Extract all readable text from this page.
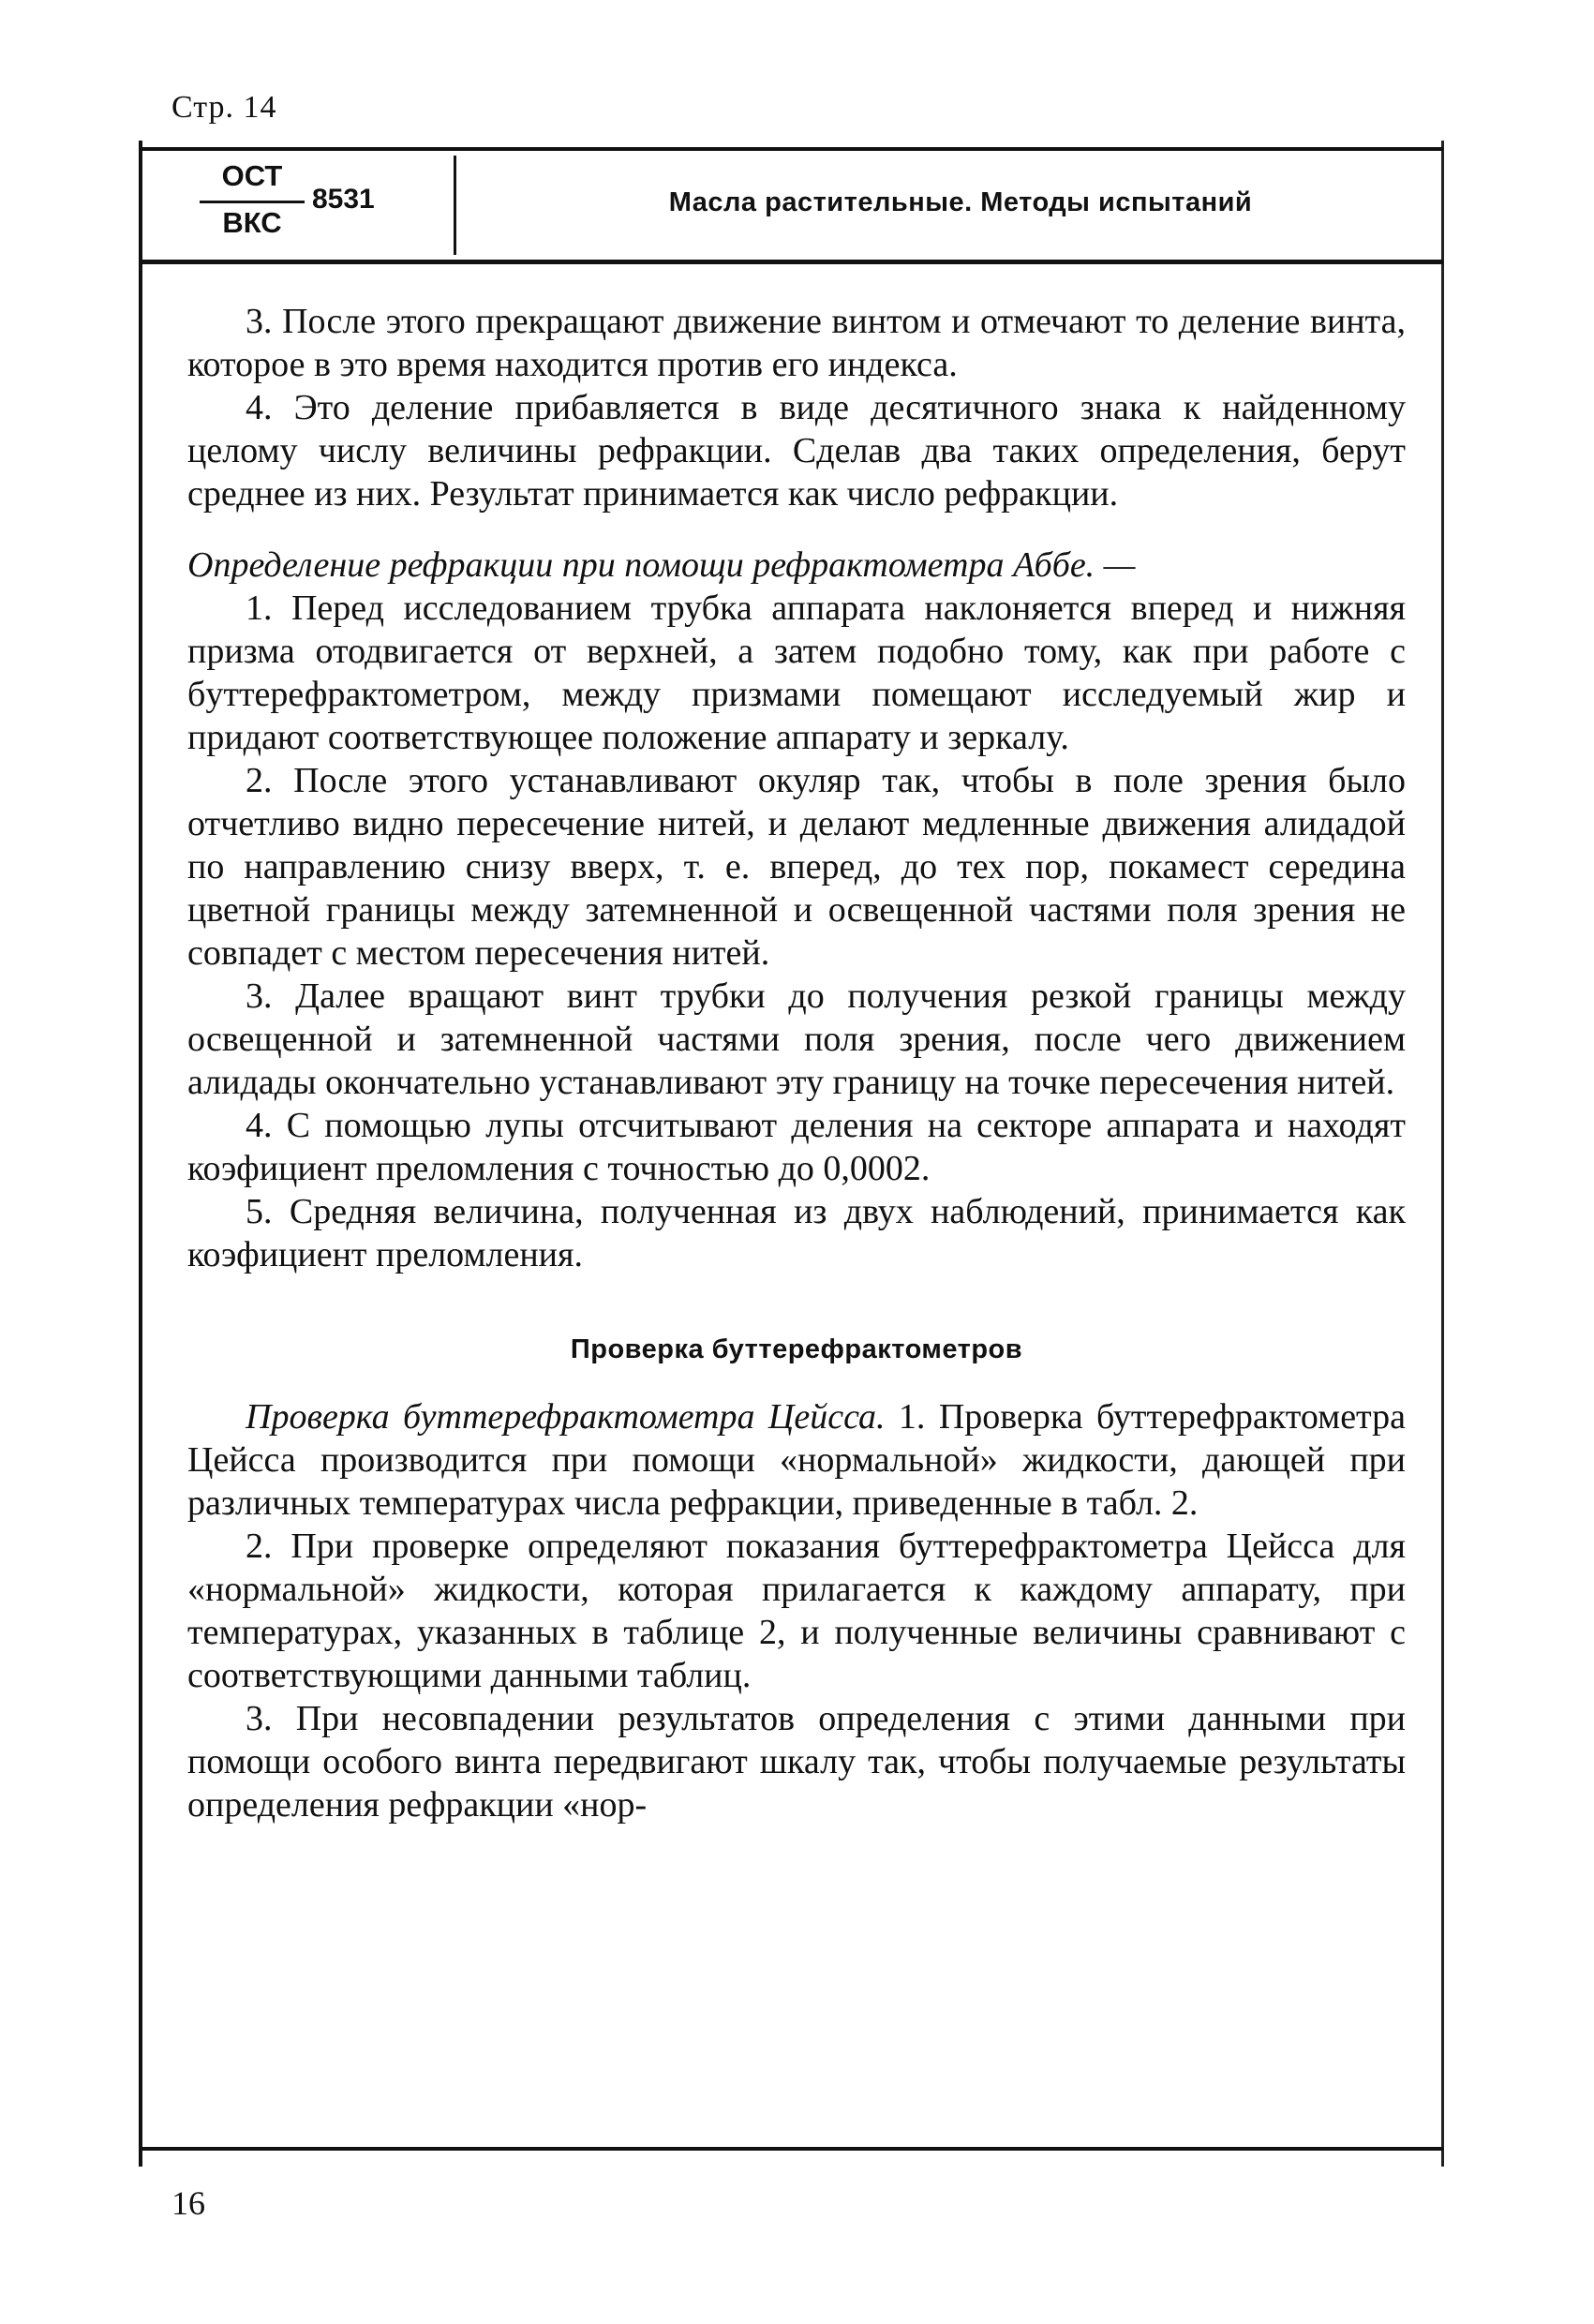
Стр. 14
ОСТ
ВКС
8531	Масла растительные. Методы испытаний

3. После этого прекращают движение винтом и отмечают то деление винта, которое в это время находится против его индекса.

4. Это деление прибавляется в виде десятичного знака к найденному целому числу величины рефракции. Сделав два таких определения, берут среднее из них. Результат принимается как число рефракции.

Определение рефракции при помощи рефрактометра Аббе. —

1. Перед исследованием трубка аппарата наклоняется вперед и нижняя призма отодвигается от верхней, а затем подобно тому, как при работе с бyттерефрактометром, между призмами помещают исследуемый жир и придают соответствующее положение аппарату и зеркалу.

2. После этого устанавливают окуляр так, чтобы в поле зрения было отчетливо видно пересечение нитей, и делают медленные движения алидадой по направлению снизу вверх, т. е. вперед, до тех пор, покамест середина цветной границы между затемненной и освещенной частями поля зрения не совпадет с местом пересечения нитей.

3. Далее вращают винт трубки до получения резкой границы между освещенной и затемненной частями поля зрения, после чего движением алидады окончательно устанавливают эту границу на точке пересечения нитей.

4. С помощью лупы отсчитывают деления на секторе аппарата и находят коэфициент преломления с точностью до 0,0002.

5. Средняя величина, полученная из двух наблюдений, принимается как коэфициент преломления.

Проверка буттерефрактометров

Проверка буттерефрактометра Цейсса. 1. Проверка буттерефрактометра Цейсса производится при помощи «нормальной» жидкости, дающей при различных температурах числа рефракции, приведенные в табл. 2.

2. При проверке определяют показания буттерефрактометра Цейсса для «нормальной» жидкости, которая прилагается к каждому аппарату, при температурах, указанных в таблице 2, и полученные величины сравнивают с соответствующими данными таблиц.

3. При несовпадении результатов определения с этими данными при помощи особого винта передвигают шкалу так, чтобы получаемые результаты определения рефракции «нор-

16
